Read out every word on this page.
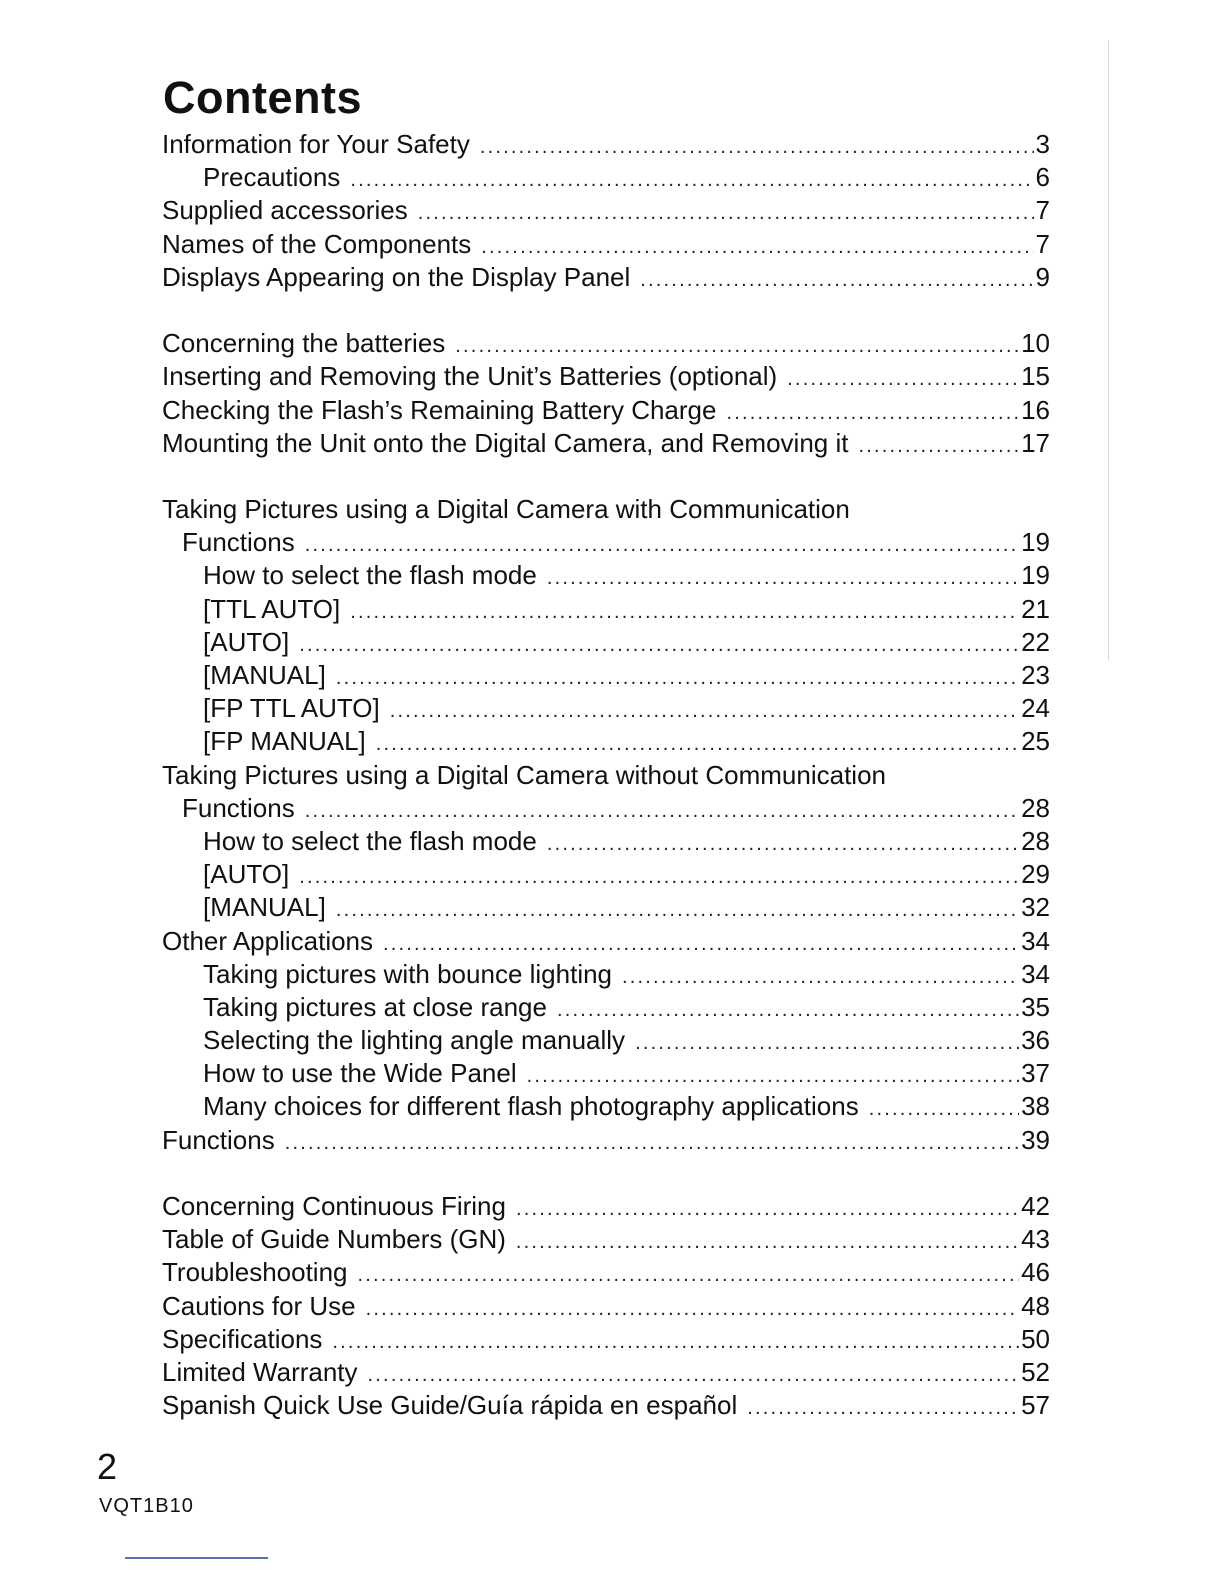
Contents
Information for Your Safety .....	3
Precautions .....	6
Supplied accessories .....	7
Names of the Components .....	7
Displays Appearing on the Display Panel .....	9
Concerning the batteries .....	10
Inserting and Removing the Unit’s Batteries (optional) .....	15
Checking the Flash’s Remaining Battery Charge .....	16
Mounting the Unit onto the Digital Camera, and Removing it .....	17
Taking Pictures using a Digital Camera with Communication
Functions .....	19
How to select the flash mode .....	19
[TTL AUTO] .....	21
[AUTO] .....	22
[MANUAL] .....	23
[FP TTL AUTO] .....	24
[FP MANUAL] .....	25
Taking Pictures using a Digital Camera without Communication
Functions .....	28
How to select the flash mode .....	28
[AUTO] .....	29
[MANUAL] .....	32
Other Applications .....	34
Taking pictures with bounce lighting .....	34
Taking pictures at close range .....	35
Selecting the lighting angle manually .....	36
How to use the Wide Panel .....	37
Many choices for different flash photography applications .....	38
Functions .....	39
Concerning Continuous Firing .....	42
Table of Guide Numbers (GN) .....	43
Troubleshooting .....	46
Cautions for Use .....	48
Specifications .....	50
Limited Warranty .....	52
Spanish Quick Use Guide/Guía rápida en español .....	57
2
VQT1B10
